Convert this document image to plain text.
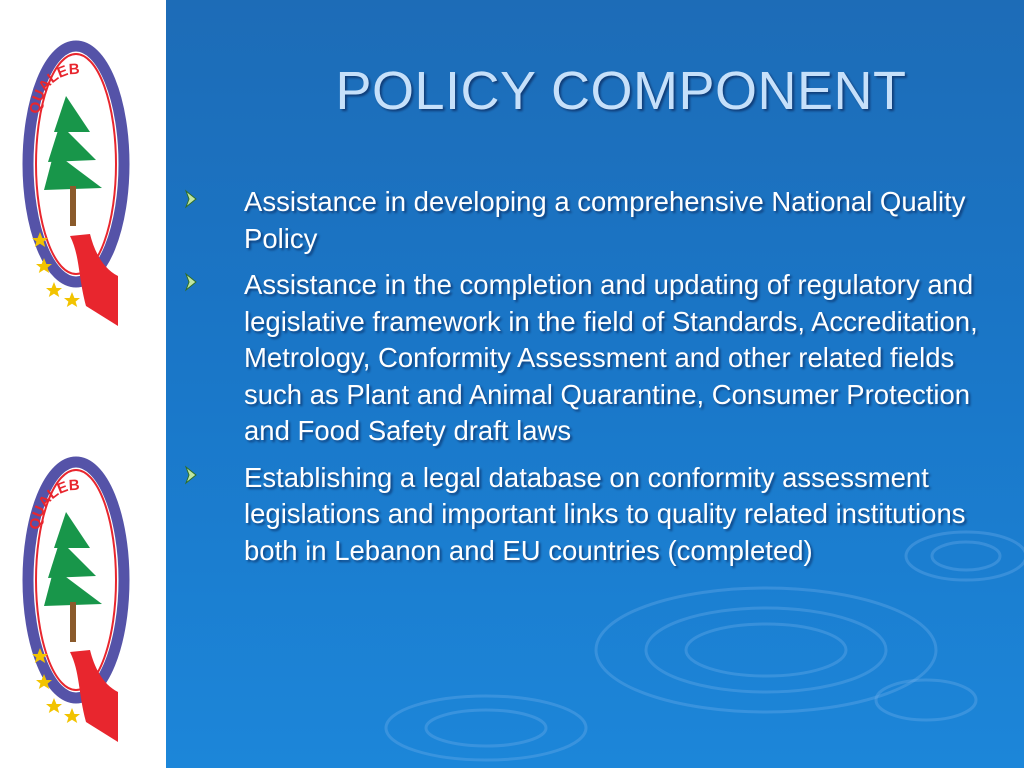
QUALEB
QUALEB
POLICY COMPONENT
Assistance in developing a comprehensive National Quality Policy
Assistance in the completion and updating of regulatory and legislative framework in the field of Standards, Accreditation, Metrology, Conformity Assessment and other related fields such as Plant and Animal Quarantine, Consumer Protection and Food Safety draft laws
Establishing a legal database on conformity assessment legislations and important links to quality related institutions both in Lebanon and EU countries (completed)
